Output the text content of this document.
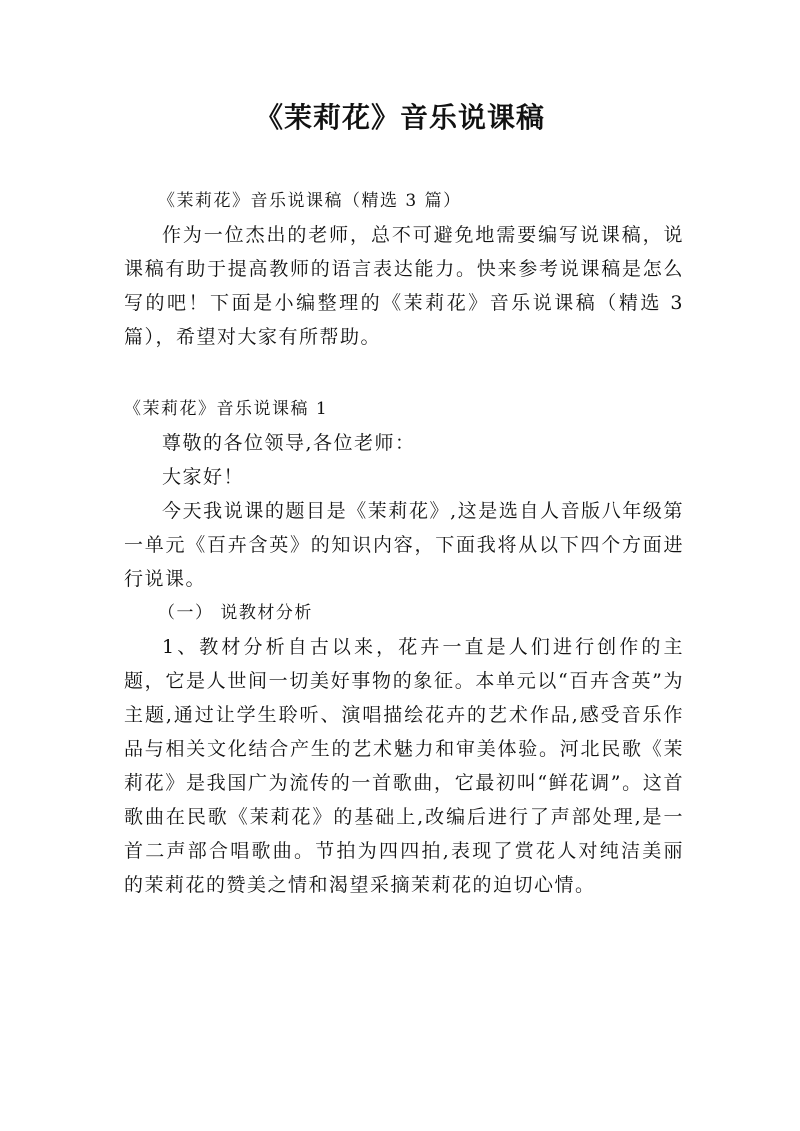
《茉莉花》音乐说课稿

《茉莉花》音乐说课稿（精选 3 篇）

作为一位杰出的老师，总不可避免地需要编写说课稿，说课稿有助于提高教师的语言表达能力。快来参考说课稿是怎么写的吧！下面是小编整理的《茉莉花》音乐说课稿（精选 3 篇），希望对大家有所帮助。

《茉莉花》音乐说课稿 1

尊敬的各位领导,各位老师：

大家好！

今天我说课的题目是《茉莉花》,这是选自人音版八年级第一单元《百卉含英》的知识内容，下面我将从以下四个方面进行说课。

（一） 说教材分析

1、教材分析自古以来，花卉一直是人们进行创作的主题，它是人世间一切美好事物的象征。本单元以“百卉含英”为主题,通过让学生聆听、演唱描绘花卉的艺术作品,感受音乐作品与相关文化结合产生的艺术魅力和审美体验。河北民歌《茉莉花》是我国广为流传的一首歌曲，它最初叫“鲜花调”。这首歌曲在民歌《茉莉花》的基础上,改编后进行了声部处理,是一首二声部合唱歌曲。节拍为四四拍,表现了赏花人对纯洁美丽的茉莉花的赞美之情和渴望采摘茉莉花的迫切心情。
